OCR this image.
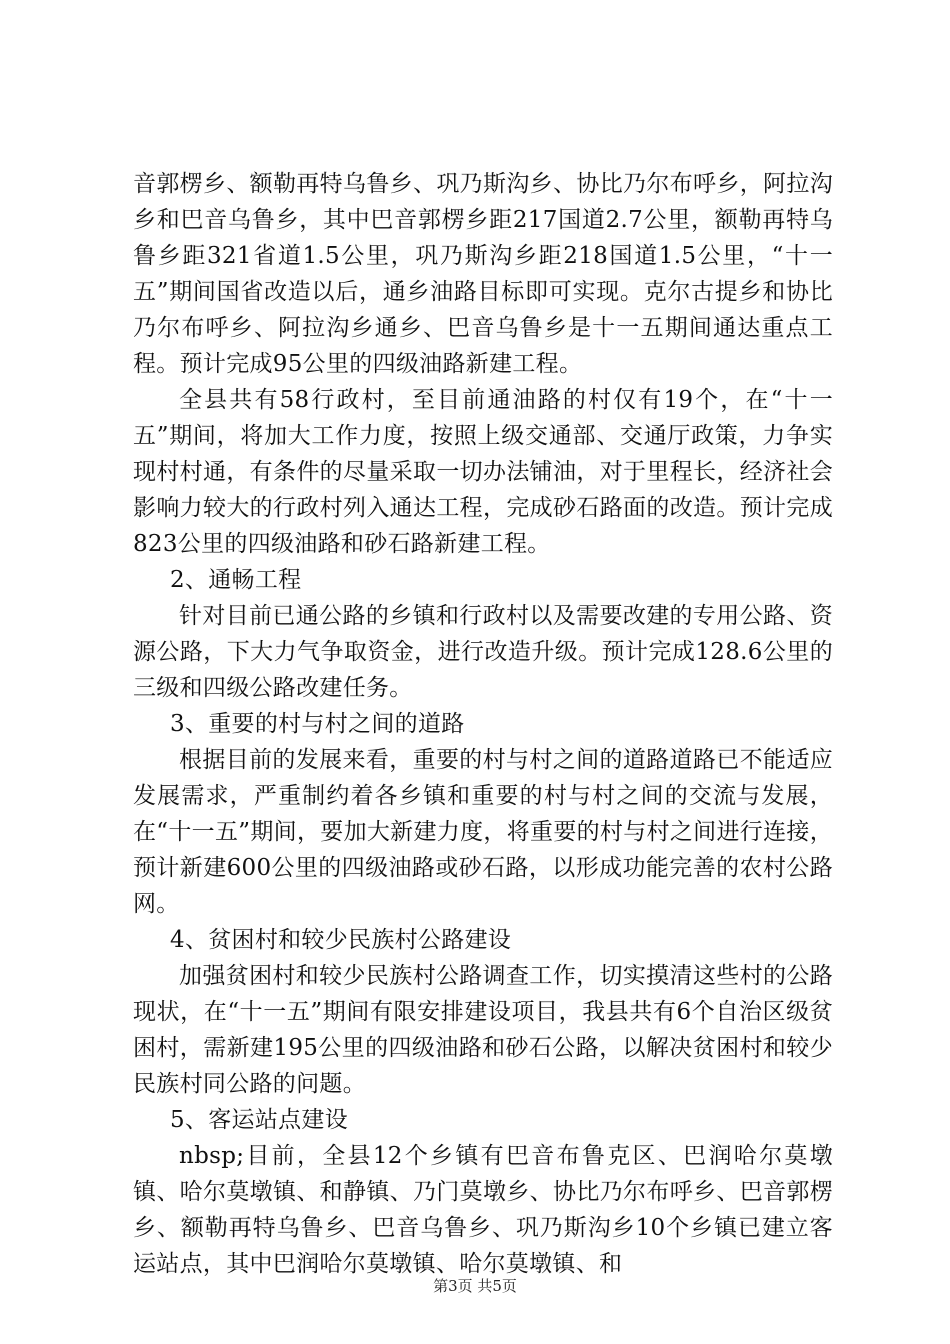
音郭楞乡、额勒再特乌鲁乡、巩乃斯沟乡、协比乃尔布呼乡，阿拉沟乡和巴音乌鲁乡，其中巴音郭楞乡距217国道2.7公里，额勒再特乌鲁乡距321省道1.5公里，巩乃斯沟乡距218国道1.5公里，“十一五”期间国省改造以后，通乡油路目标即可实现。克尔古提乡和协比乃尔布呼乡、阿拉沟乡通乡、巴音乌鲁乡是十一五期间通达重点工程。预计完成95公里的四级油路新建工程。

全县共有58行政村，至目前通油路的村仅有19个，在“十一五”期间，将加大工作力度，按照上级交通部、交通厅政策，力争实现村村通，有条件的尽量采取一切办法铺油，对于里程长，经济社会影响力较大的行政村列入通达工程，完成砂石路面的改造。预计完成823公里的四级油路和砂石路新建工程。

2、通畅工程

针对目前已通公路的乡镇和行政村以及需要改建的专用公路、资源公路，下大力气争取资金，进行改造升级。预计完成128.6公里的三级和四级公路改建任务。

3、重要的村与村之间的道路

根据目前的发展来看，重要的村与村之间的道路道路已不能适应发展需求，严重制约着各乡镇和重要的村与村之间的交流与发展，在“十一五”期间，要加大新建力度，将重要的村与村之间进行连接，预计新建600公里的四级油路或砂石路，以形成功能完善的农村公路网。

4、贫困村和较少民族村公路建设

加强贫困村和较少民族村公路调查工作，切实摸清这些村的公路现状，在“十一五”期间有限安排建设项目，我县共有6个自治区级贫困村，需新建195公里的四级油路和砂石公路，以解决贫困村和较少民族村同公路的问题。

5、客运站点建设

nbsp;目前，全县12个乡镇有巴音布鲁克区、巴润哈尔莫墩镇、哈尔莫墩镇、和静镇、乃门莫墩乡、协比乃尔布呼乡、巴音郭楞乡、额勒再特乌鲁乡、巴音乌鲁乡、巩乃斯沟乡10个乡镇已建立客运站点，其中巴润哈尔莫墩镇、哈尔莫墩镇、和

第3页 共5页
